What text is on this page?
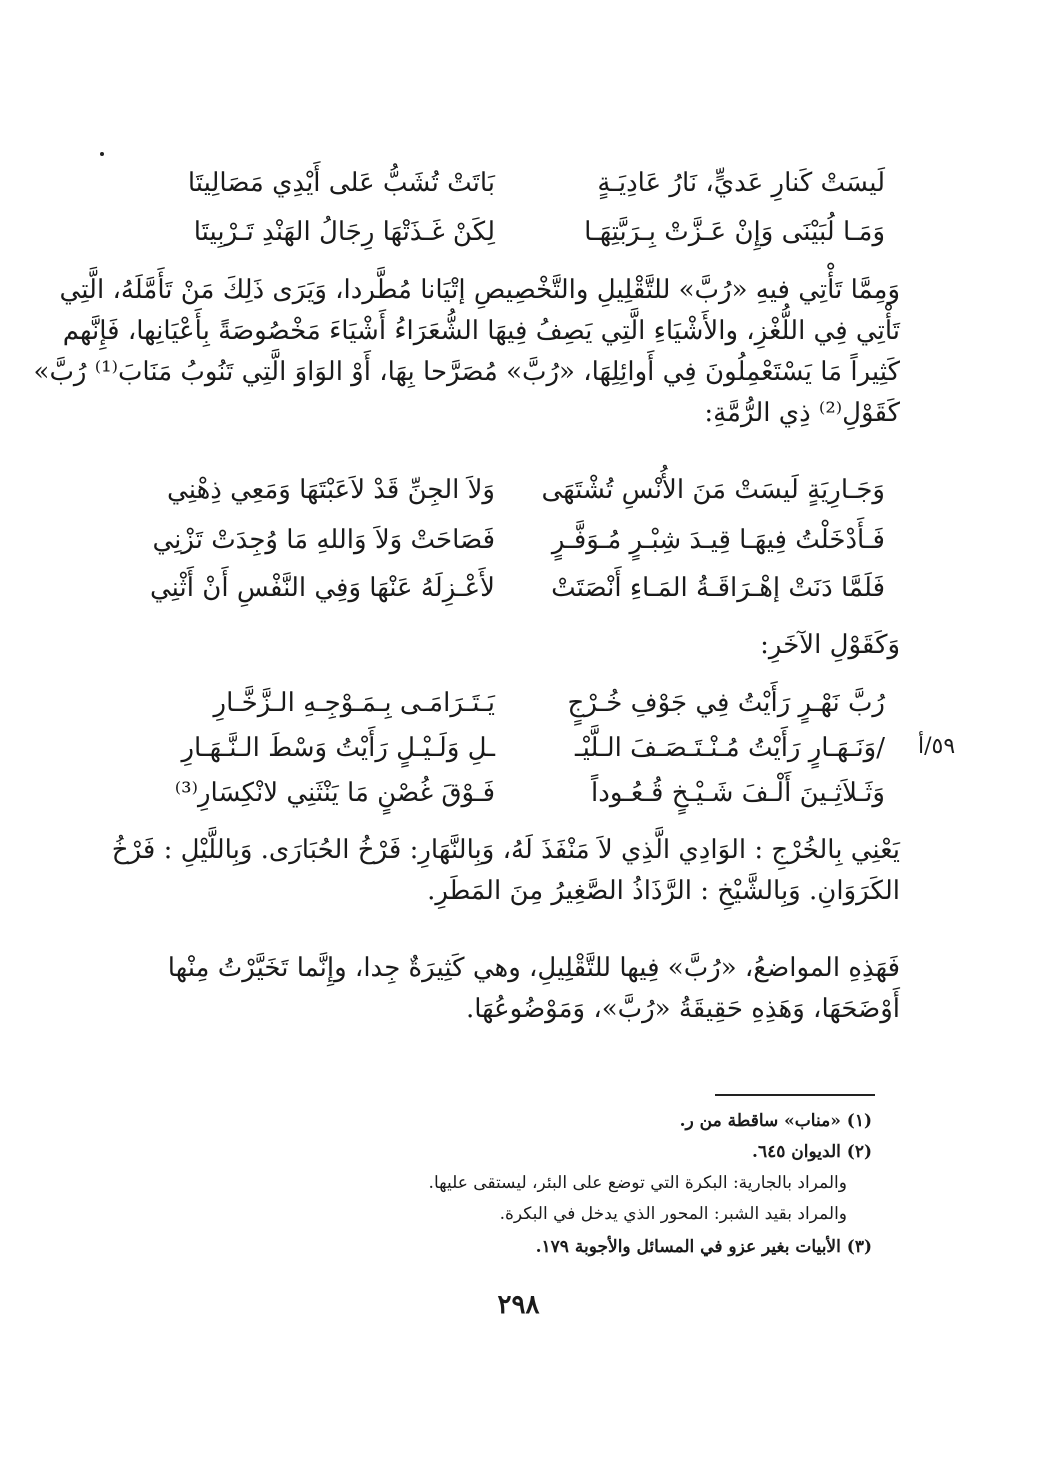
لَيسَتْ كَنارِ عَديٍّ، نَارُ عَادِيَـةٍ
بَاتَتْ تُشَبُّ عَلى أَيْدِي مَصَالِيتَا
وَمَـا لُبَيْنَى وَإِنْ عَـزَّتْ بِـرَبَّتِهَـا
لِكَنْ غَـذَتْهَا رِجَالُ الهَنْدِ تَـرْبِيتَا
وَمِمَّا تَأْتِي فيهِ «رُبَّ» للتَّقْلِيلِ والتَّخْصِيصِ إتْيَانا مُطَّردا، وَيَرَى ذَلِكَ مَنْ تَأَمَّلَهُ، الَّتِي
تَأْتِي فِي اللُّغْزِ، والأَشْيَاءِ الَّتِي يَصِفُ فِيهَا الشُّعَرَاءُ أَشْيَاءَ مَخْصُوصَةً بِأَعْيَانِها، فَإِنَّهم
كَثِيراً مَا يَسْتَعْمِلُونَ فِي أَوائِلِهَا، «رُبَّ» مُصَرَّحا بِهَا، أَوْ الوَاوَ الَّتِي تَنُوبُ مَنَابَ⁽¹⁾ رُبَّ»
كَقَوْلِ⁽²⁾ ذِي الرُّمَّةِ:
وَجَـارِيَةٍ لَيسَتْ مَنَ الأُنْسِ تُشْتَهَى
وَلاَ الجِنِّ قَدْ لاَعَبْتَهَا وَمَعِي ذِهْنِي
فَـأَدْخَلْتُ فِيهَـا قِيـدَ شِبْـرٍ مُـوَفَّـرٍ
فَصَاحَتْ وَلاَ وَاللهِ مَا وُجِدَتْ تَزْنِي
فَلَمَّا دَنَتْ إهْـرَاقَـةُ المَـاءِ أَنْصَتَتْ
لأَعْـزِلَهُ عَنْهَا وَفِي النَّفْسِ أَنْ أَثْنِي
وَكَقَوْلِ الآخَرِ:
رُبَّ نَهْـرٍ رَأَيْتُ فِي جَوْفِ خُـرْجٍ
يَـتَـرَامَـى بِـمَـوْجِـهِ الـزَّخَّـارِ
/وَنَـهَـارٍ رَأَيْتُ مُـنْـتَـصَـفَ الـلَّيْـ
ـلِ وَلَـيْـلٍ رَأَيْتُ وَسْطَ الـنَّـهَـارِ
وَثَـلاَثِـينَ أَلْـفَ شَـيْـخٍ قُـعُـوداً
فَـوْقَ غُصْنٍ مَا يَنْثَنِي لانْكِسَارِ⁽³⁾
٥٩/أ
يَعْنِي بِالخُرْجِ : الوَادِي الَّذِي لاَ مَنْفَذَ لَهُ، وَبِالنَّهَارِ: فَرْخُ الحُبَارَى. وَبِاللَّيْلِ : فَرْخُ
الكَرَوَانِ. وَبِالشَّيْخِ : الرَّذَاذُ الصَّغِيرُ مِنَ المَطَرِ.
فَهَذِهِ المواضعُ، «رُبَّ» فِيها للتَّقْلِيلِ، وهي كَثِيرَةٌ جِدا، وإِنَّما تَخَيَّرْتُ مِنْها
أَوْضَحَهَا، وَهَذِهِ حَقِيقَةُ «رُبَّ»، وَمَوْضُوعُهَا.
(١) «مناب» ساقطة من ر.
(٢) الديوان ٦٤٥.
والمراد بالجارية: البكرة التي توضع على البئر، ليستقى عليها.
والمراد بقيد الشبر: المحور الذي يدخل في البكرة.
(٣) الأبيات بغير عزو في المسائل والأجوبة ١٧٩.
٢٩٨
